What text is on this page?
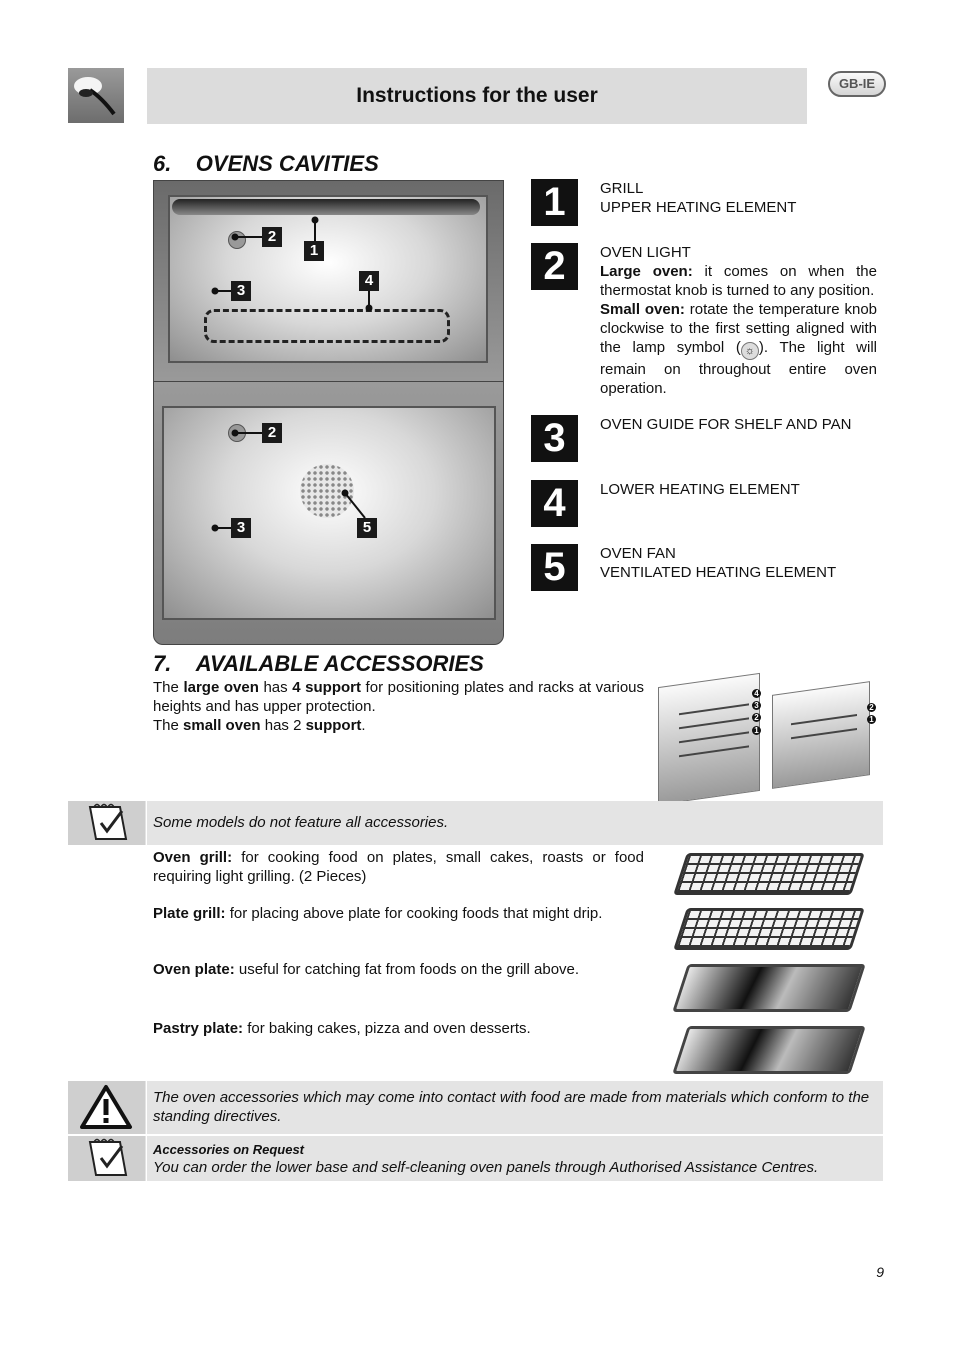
Instructions for the user
GB-IE
6.    OVENS CAVITIES
2
1
3
4
2
3	5
1	GRILL
UPPER HEATING ELEMENT
2	OVEN LIGHT
Large oven: it comes on when the thermostat knob is turned to any position.
Small oven: rotate the temperature knob clockwise to the first setting aligned with the lamp symbol ( ☼ ). The light will remain on throughout entire oven operation.
3	OVEN GUIDE FOR SHELF AND PAN
4	LOWER HEATING ELEMENT
5	OVEN FAN
VENTILATED HEATING ELEMENT
7.    AVAILABLE ACCESSORIES
The large oven has 4 support for positioning plates and racks at various heights and has upper protection.
The small oven has 2 support.
4
3
2
1
2
1
Some models do not feature all accessories.
Oven grill: for cooking food on plates, small cakes, roasts or food requiring light grilling. (2 Pieces)
Plate grill: for placing above plate for cooking foods that might drip.
Oven plate: useful for catching fat from foods on the grill above.
Pastry plate: for baking cakes, pizza and oven desserts.
The oven accessories which may come into contact with food are made from materials which conform to the standing directives.
Accessories on Request
You can order the lower base and self-cleaning oven panels through Authorised Assistance Centres.
9
